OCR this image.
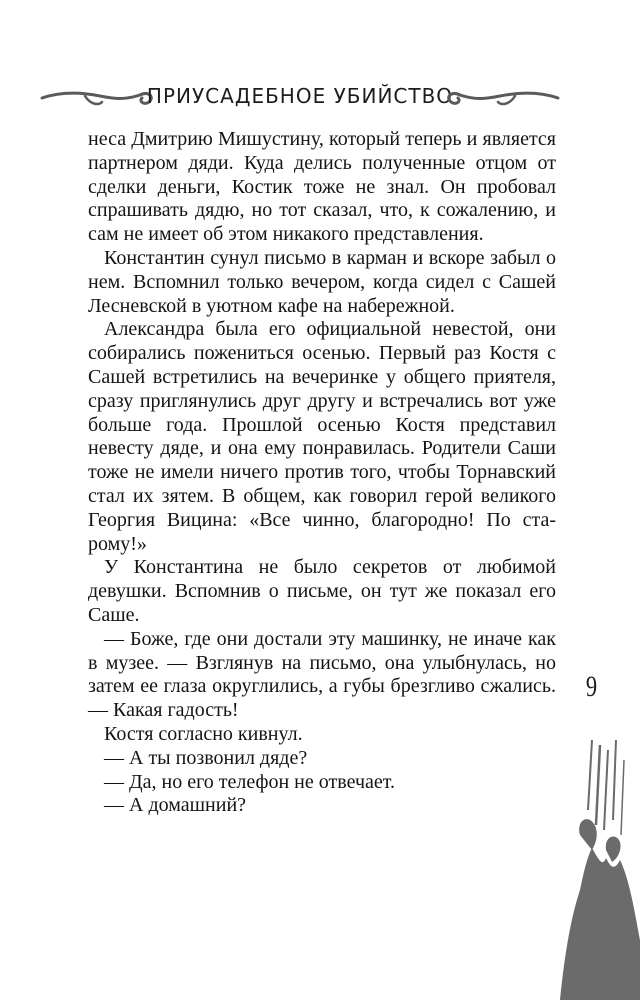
ПРИУСАДЕБНОЕ УБИЙСТВО

неса Дмитрию Мишустину, который теперь и является партнером дяди. Куда делись полученные отцом от сделки деньги, Костик тоже не знал. Он пробовал спрашивать дядю, но тот сказал, что, к сожалению, и сам не имеет об этом никакого представления.

Константин сунул письмо в карман и вскоре забыл о нем. Вспомнил только вечером, когда сидел с Сашей Лесневской в уютном кафе на набережной.

Александра была его официальной невестой, они собирались пожениться осенью. Первый раз Костя с Сашей встретились на вечеринке у общего приятеля, сразу приглянулись друг другу и встречались вот уже больше года. Прошлой осенью Костя представил невесту дяде, и она ему понравилась. Родители Саши тоже не имели ничего против того, чтобы Торнавский стал их зятем. В общем, как говорил герой великого Георгия Вицина: «Все чинно, благородно! По старому!»

У Константина не было секретов от любимой девушки. Вспомнив о письме, он тут же показал его Саше.

— Боже, где они достали эту машинку, не иначе как в музее. — Взглянув на письмо, она улыбнулась, но затем ее глаза округлились, а губы брезгливо сжались. — Какая гадость!

Костя согласно кивнул.

— А ты позвонил дяде?

— Да, но его телефон не отвечает.

— А домашний?

9
